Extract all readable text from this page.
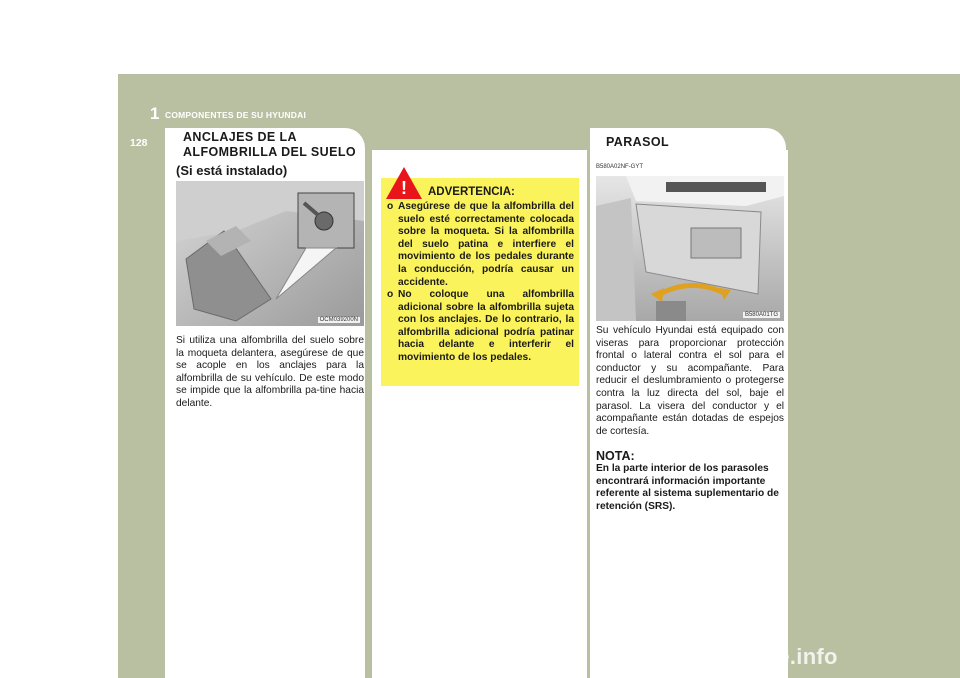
1 COMPONENTES DE SU HYUNDAI
128	ANCLAJES DE LA
ALFOMBRILLA DEL SUELO
(Si está instalado)
OCM039200N
Si utiliza una alfombrilla del suelo sobre la moqueta delantera, asegúrese de que se acople en los anclajes para la alfombrilla de su vehículo. De este modo se impide que la alfombrilla pa-tine hacia delante.
! ADVERTENCIA:
o Asegúrese de que la alfombrilla del suelo esté correctamente colocada sobre la moqueta. Si la alfombrilla del suelo patina e interfiere el movimiento de los pedales durante la conducción, podría causar un accidente.
o No coloque una alfombrilla adicional sobre la alfombrilla sujeta con los anclajes. De lo contrario, la alfombrilla adicional podría patinar hacia delante e interferir el movimiento de los pedales.
PARASOL
B580A02NF-GYT
B580A01TG
Su vehículo Hyundai está equipado con viseras para proporcionar protección frontal o lateral contra el sol para el conductor y su acompañante. Para reducir el deslumbramiento o protegerse contra la luz directa del sol, baje el parasol. La visera del conductor y el acompañante están dotadas de espejos de cortesía.
NOTA:
En la parte interior de los parasoles encontrará información importante referente al sistema suplementario de retención (SRS).
carmanualsonline.info
